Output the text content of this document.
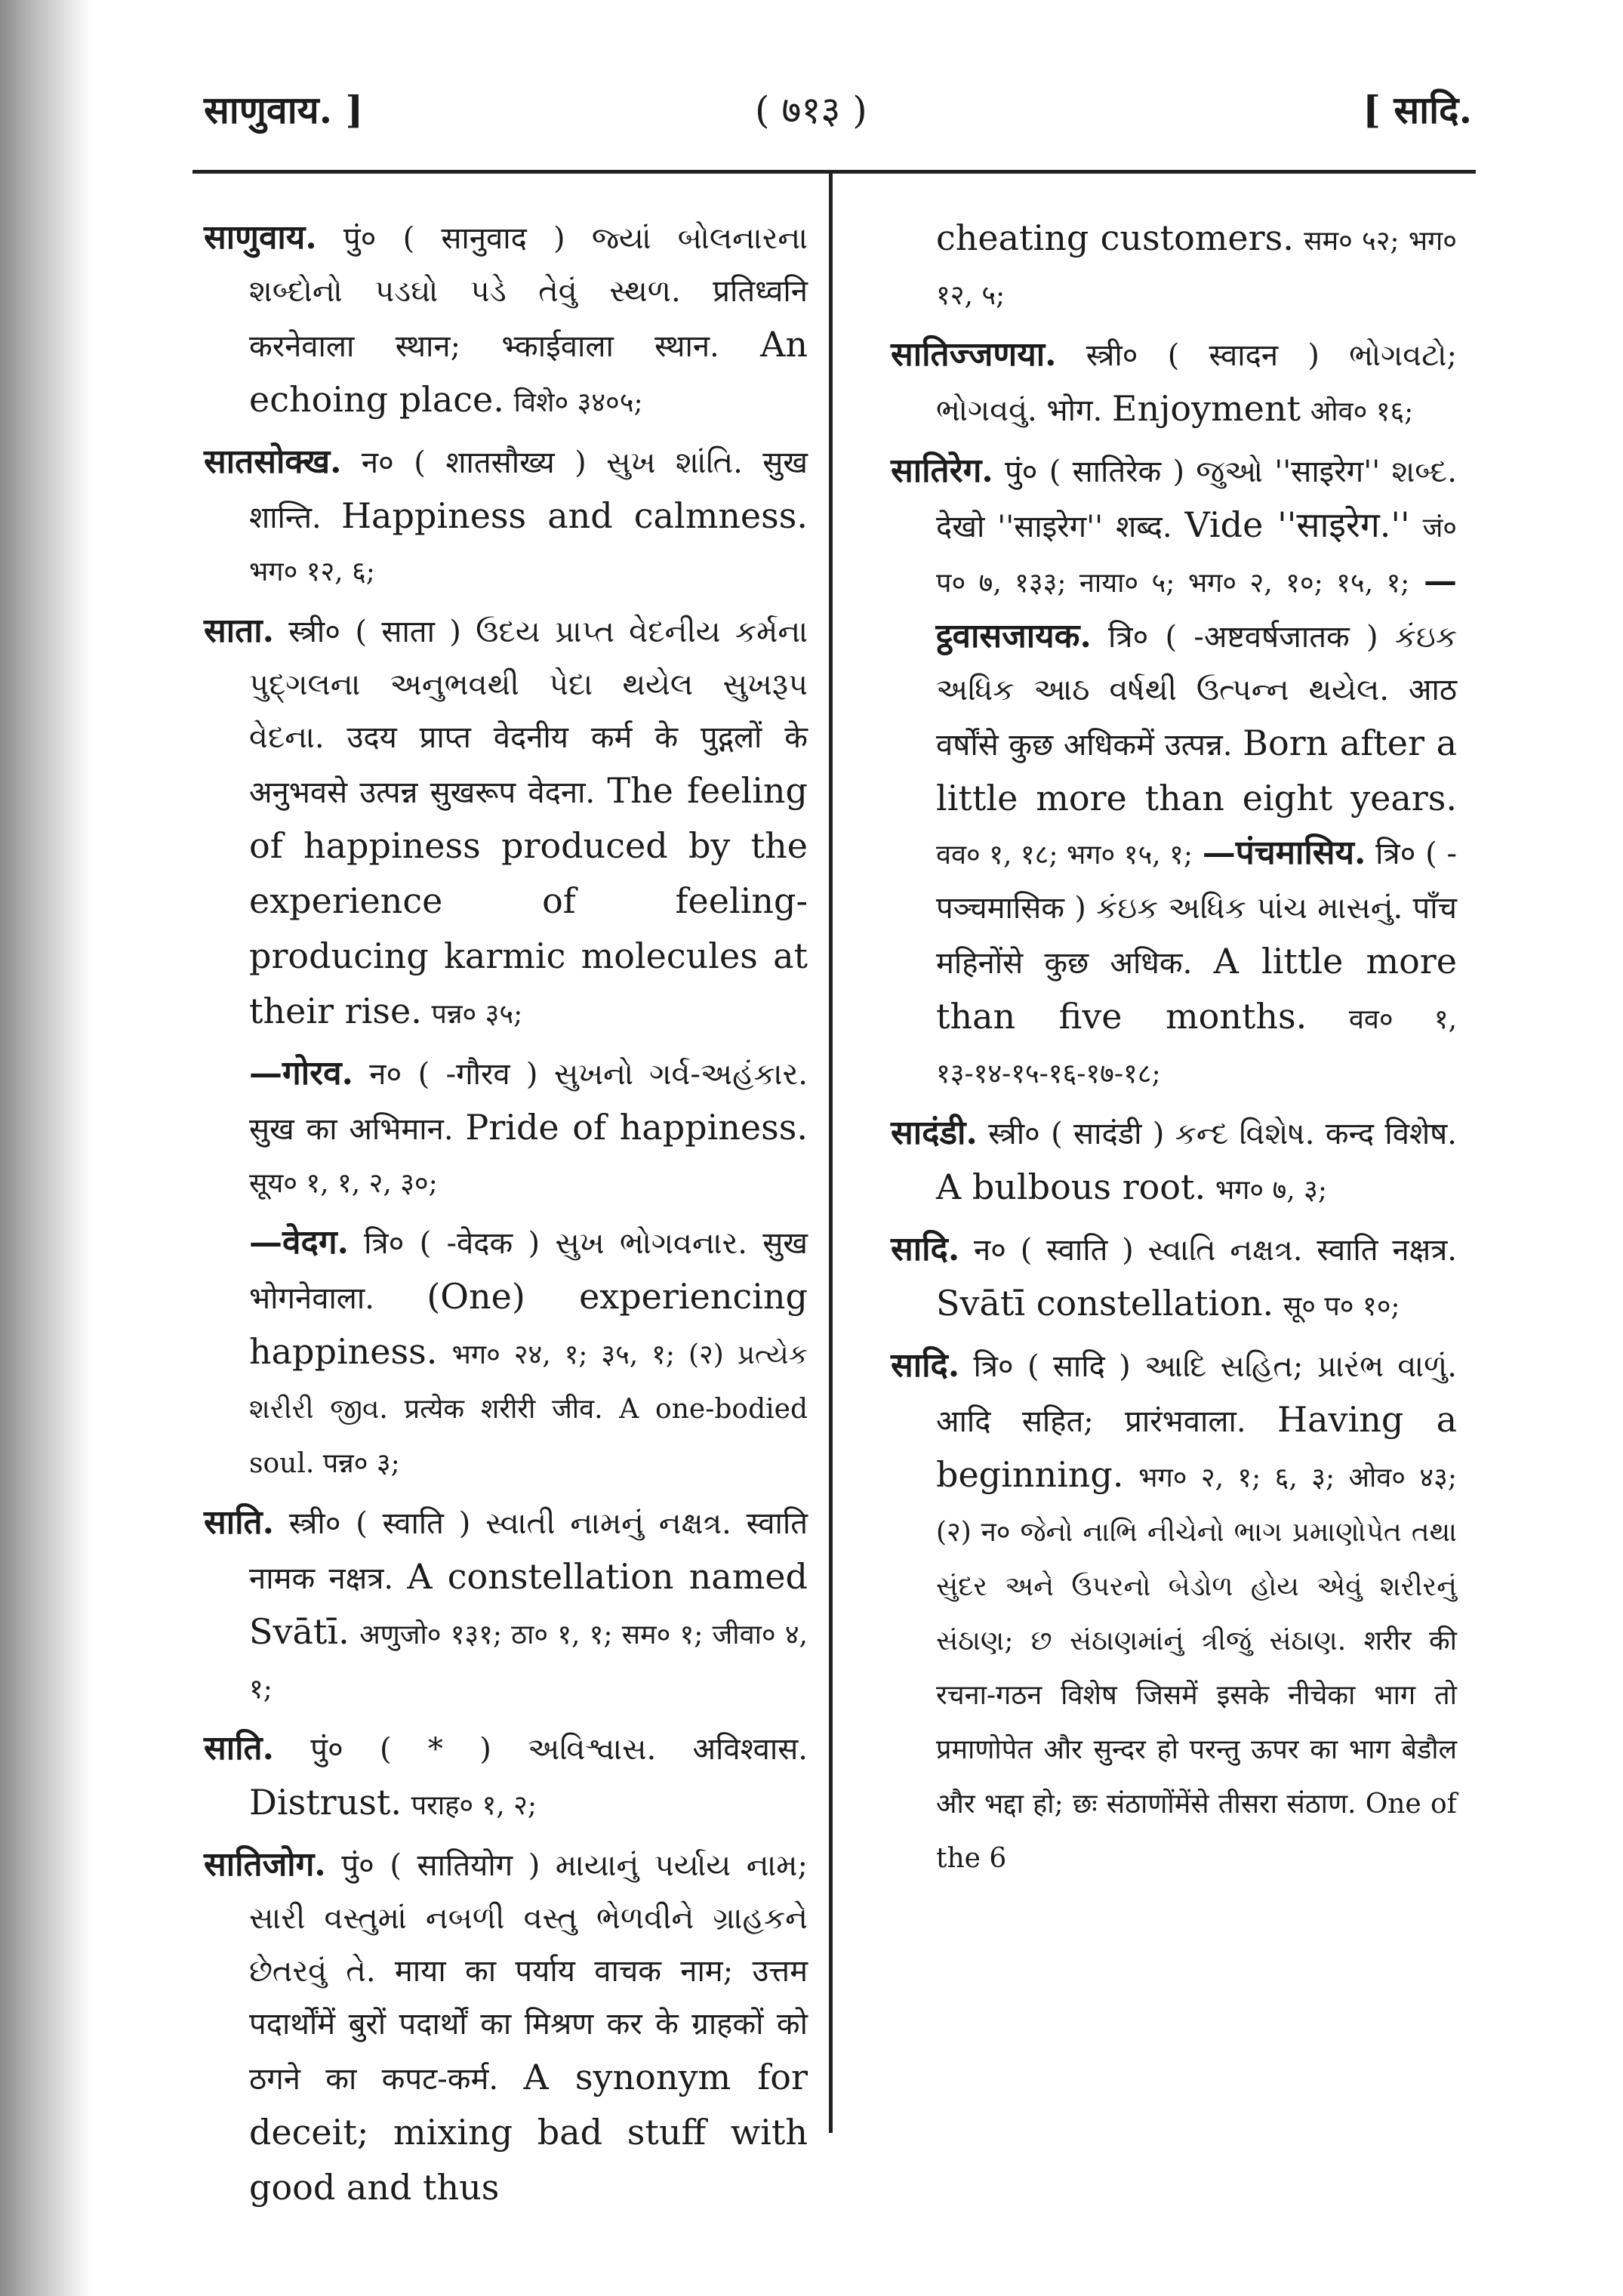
साणुवाय. ]	( ७१३ )	[ सादि.

साणुवाय. पुं० ( सानुवाद ) જ્યાં બોલનારના શબ્દોનો પડઘો પડે તેવું સ્થળ. प्रतिध्वनि करनेवाला स्थान; भ्काईवाला स्थान. An echoing place. विशे० ३४०५;

सातसोक्ख. न० ( शातसौख्य ) સુખ શાંતિ. सुख शान्ति. Happiness and calmness. भग० १२, ६;

साता. स्त्री० ( साता ) ઉદય પ્રાપ્ત વેદનીય કર્મના પુદ્ગલના અનુભવથી પેદા થયેલ સુખરૂપ વેદના. उदय प्राप्त वेदनीय कर्म के पुद्गलों के अनुभवसे उत्पन्न सुखरूप वेदना. The feeling of happiness produced by the experience of feeling-producing karmic molecules at their rise. पन्न० ३५;

—गोरव. न० ( -गौरव ) સુખનો ગર્વ-અહંકાર. सुख का अभिमान. Pride of happiness. सूय० १, १, २, ३०;

—वेदग. त्रि० ( -वेदक ) સુખ ભોગવનાર. सुख भोगनेवाला. (One) experiencing happiness. भग० २४, १; ३५, १; (२) પ્રત્યેક શરીરી જીવ. प्रत्येक शरीरी जीव. A one-bodied soul. पन्न० ३;

साति. स्त्री० ( स्वाति ) સ્વાતી નામનું નક્ષત્ર. स्वाति नामक नक्षत्र. A constellation named Svātī. अणुजो० १३१; ठा० १, १; सम० १; जीवा० ४, १;

साति. पुं० ( * ) અવિશ્વાસ. अविश्वास. Distrust. पराह० १, २;

सातिजोग. पुं० ( सातियोग ) માયાનું પર્યાય નામ; સારી વસ્તુમાં નબળી વસ્તુ ભેળવીને ગ્રાહકને છેતરવું તે. माया का पर्याय वाचक नाम; उत्तम पदार्थोंमें बुरों पदार्थों का मिश्रण कर के ग्राहकों को ठगने का कपट-कर्म. A synonym for deceit; mixing bad stuff with good and thus

cheating customers. सम० ५२; भग० १२, ५;

सातिज्जणया. स्त्री० ( स्वादन ) ભોગવટો; ભોગવવું. भोग. Enjoyment ओव० १६;

सातिरेग. पुं० ( सातिरेक ) જુઓ ''साइरेग'' શબ્દ. देखो ''साइरेग'' शब्द. Vide ''साइरेग.'' जं० प० ७, १३३; नाया० ५; भग० २, १०; १५, १; —ट्ठवासजायक. त्रि० ( -अष्टवर्षजातक ) કંઇક અધિક આઠ વર્ષથી ઉત્પન્ન થયેલ. आठ वर्षोंसे कुछ अधिकमें उत्पन्न. Born after a little more than eight years. वव० १, १८; भग० १५, १; —पंचमासिय. त्रि० ( -पञ्चमासिक ) કંઇક અધિક પાંચ માસનું. पाँच महिनोंसे कुछ अधिक. A little more than five months. वव० १, १३-१४-१५-१६-१७-१८;

सादंडी. स्त्री० ( सादंडी ) કન્દ વિશેષ. कन्द विशेष. A bulbous root. भग० ७, ३;

सादि. न० ( स्वाति ) સ્વાતિ નક્ષત્ર. स्वाति नक्षत्र. Svātī constellation. सू० प० १०;

सादि. त्रि० ( सादि ) આદિ સહિત; પ્રારંભ વાળું. आदि सहित; प्रारंभवाला. Having a beginning. भग० २, १; ६, ३; ओव० ४३; (२) न० જેનો નાભિ નીચેનો ભાગ પ્રમાણોપેત તથા સુંદર અને ઉપરનો બેડોળ હોય એવું શરીરનું સંઠાણ; છ સંઠાણમાંનું ત્રીજું સંઠાણ. शरीर की रचना-गठन विशेष जिसमें इसके नीचेका भाग तो प्रमाणोपेत और सुन्दर हो परन्तु ऊपर का भाग बेडौल और भद्दा हो; छः संठाणोंमेंसे तीसरा संठाण. One of the 6
